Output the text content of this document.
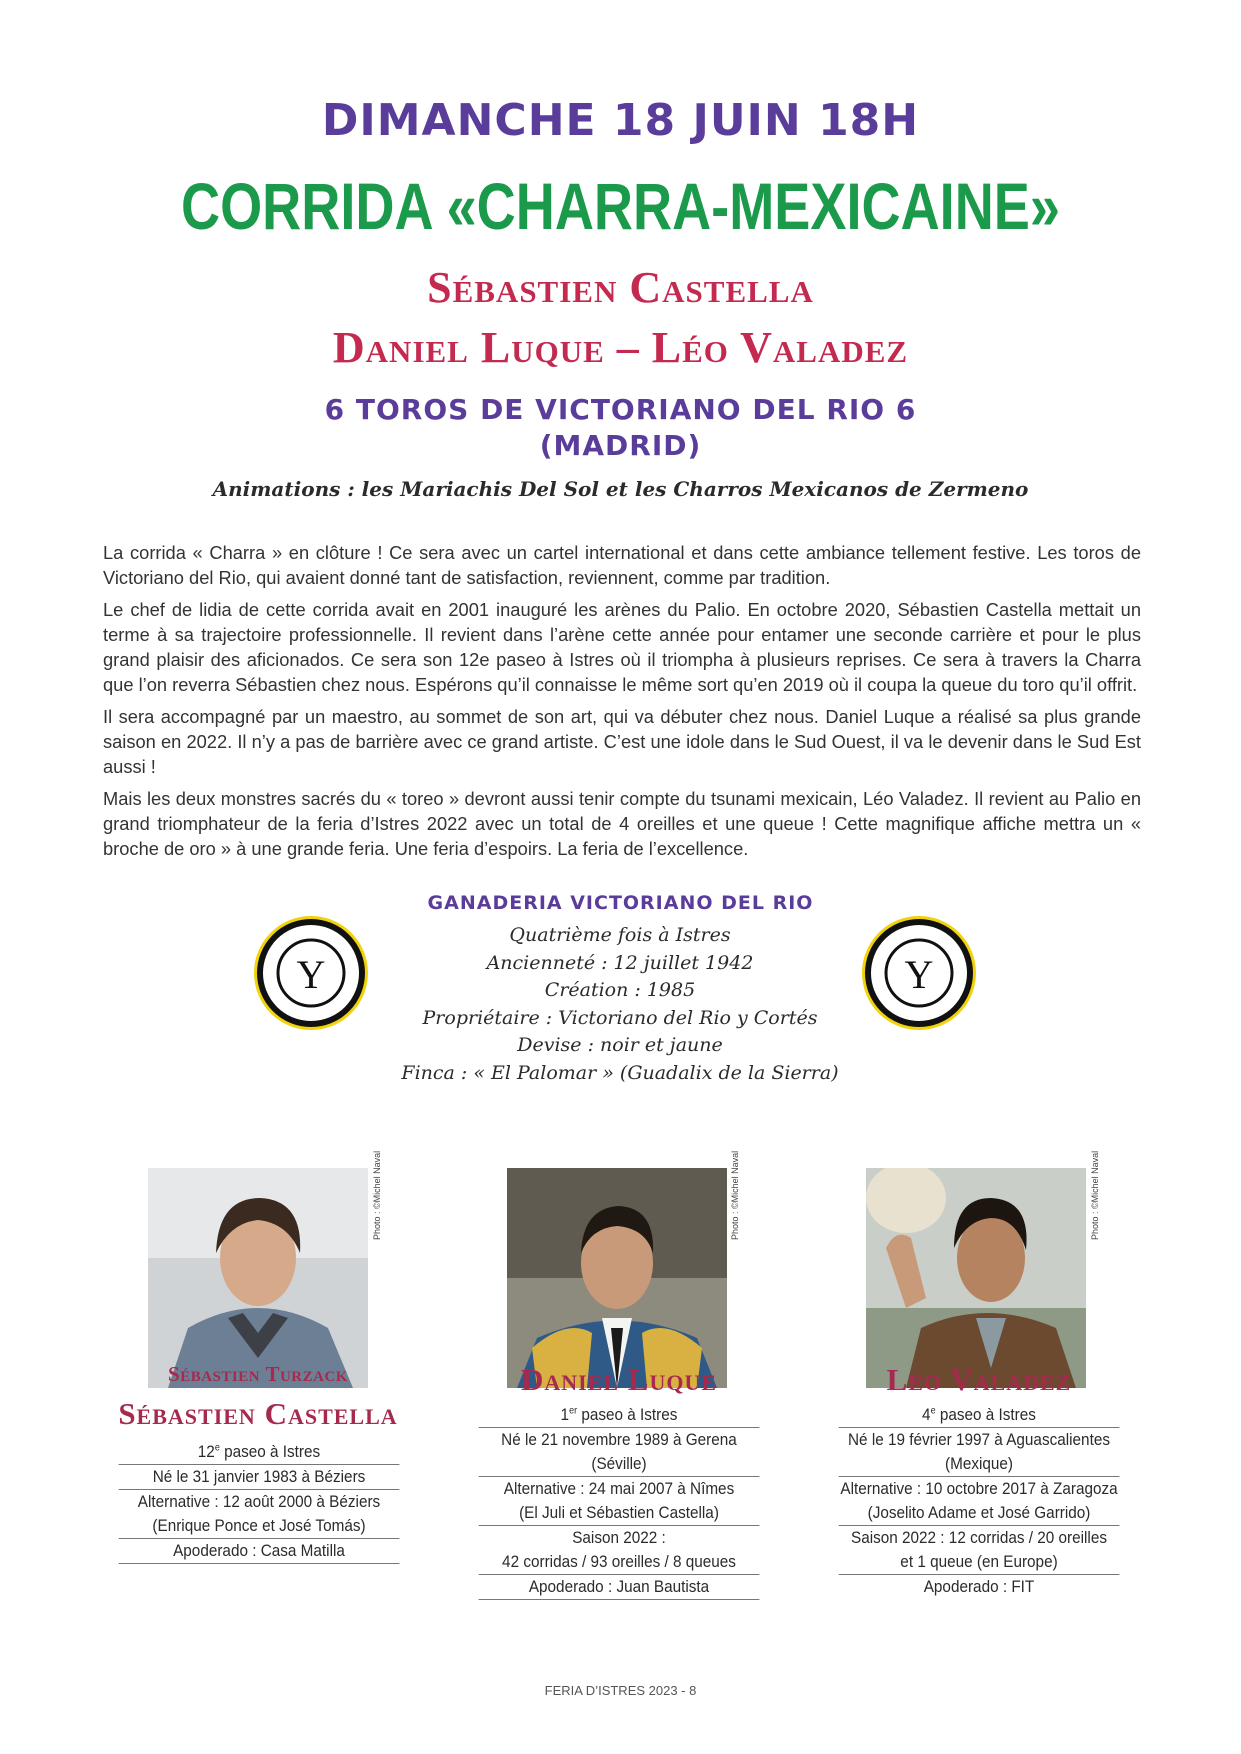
DIMANCHE 18 JUIN 18H
CORRIDA «CHARRA-MEXICAINE»
Sébastien Castella
Daniel Luque – Léo Valadez
6 TOROS DE VICTORIANO DEL RIO 6
(MADRID)
Animations : les Mariachis Del Sol et les Charros Mexicanos de Zermeno

La corrida « Charra » en clôture ! Ce sera avec un cartel international et dans cette ambiance tellement festive. Les toros de Victoriano del Rio, qui avaient donné tant de satisfaction, reviennent, comme par tradition.

Le chef de lidia de cette corrida avait en 2001 inauguré les arènes du Palio. En octobre 2020, Sébastien Castella mettait un terme à sa trajectoire professionnelle. Il revient dans l’arène cette année pour entamer une seconde carrière et pour le plus grand plaisir des aficionados. Ce sera son 12e paseo à Istres où il triompha à plusieurs reprises. Ce sera à travers la Charra que l’on reverra Sébastien chez nous. Espérons qu’il connaisse le même sort qu’en 2019 où il coupa la queue du toro qu’il offrit.

Il sera accompagné par un maestro, au sommet de son art, qui va débuter chez nous. Daniel Luque a réalisé sa plus grande saison en 2022. Il n’y a pas de barrière avec ce grand artiste. C’est une idole dans le Sud Ouest, il va le devenir dans le Sud Est aussi !

Mais les deux monstres sacrés du « toreo » devront aussi tenir compte du tsunami mexicain, Léo Valadez. Il revient au Palio en grand triomphateur de la feria d’Istres 2022 avec un total de 4 oreilles et une queue ! Cette magnifique affiche mettra un « broche de oro » à une grande feria. Une feria d’espoirs. La feria de l’excellence.

GANADERIA VICTORIANO DEL RIO
Y	Y
Quatrième fois à Istres
Ancienneté : 12 juillet 1942
Création : 1985
Propriétaire : Victoriano del Rio y Cortés
Devise : noir et jaune
Finca : « El Palomar » (Guadalix de la Sierra)
Photo : ©Michel Naval	Photo : ©Michel Naval	Photo : ©Michel Naval
Sébastien Turzack
Sébastien Castella
12e paseo à Istres
Né le 31 janvier 1983 à Béziers
Alternative : 12 août 2000 à Béziers
(Enrique Ponce et José Tomás)
Apoderado : Casa Matilla
Daniel Luque
1er paseo à Istres
Né le 21 novembre 1989 à Gerena (Séville)
Alternative : 24 mai 2007 à Nîmes
(El Juli et Sébastien Castella)
Saison 2022 :
42 corridas / 93 oreilles / 8 queues
Apoderado : Juan Bautista
Léo Valadez
4e paseo à Istres
Né le 19 février 1997 à Aguascalientes
(Mexique)
Alternative : 10 octobre 2017 à Zaragoza
(Joselito Adame et José Garrido)
Saison 2022 : 12 corridas / 20 oreilles
et 1 queue (en Europe)
Apoderado : FIT
FERIA D’ISTRES 2023 - 8
